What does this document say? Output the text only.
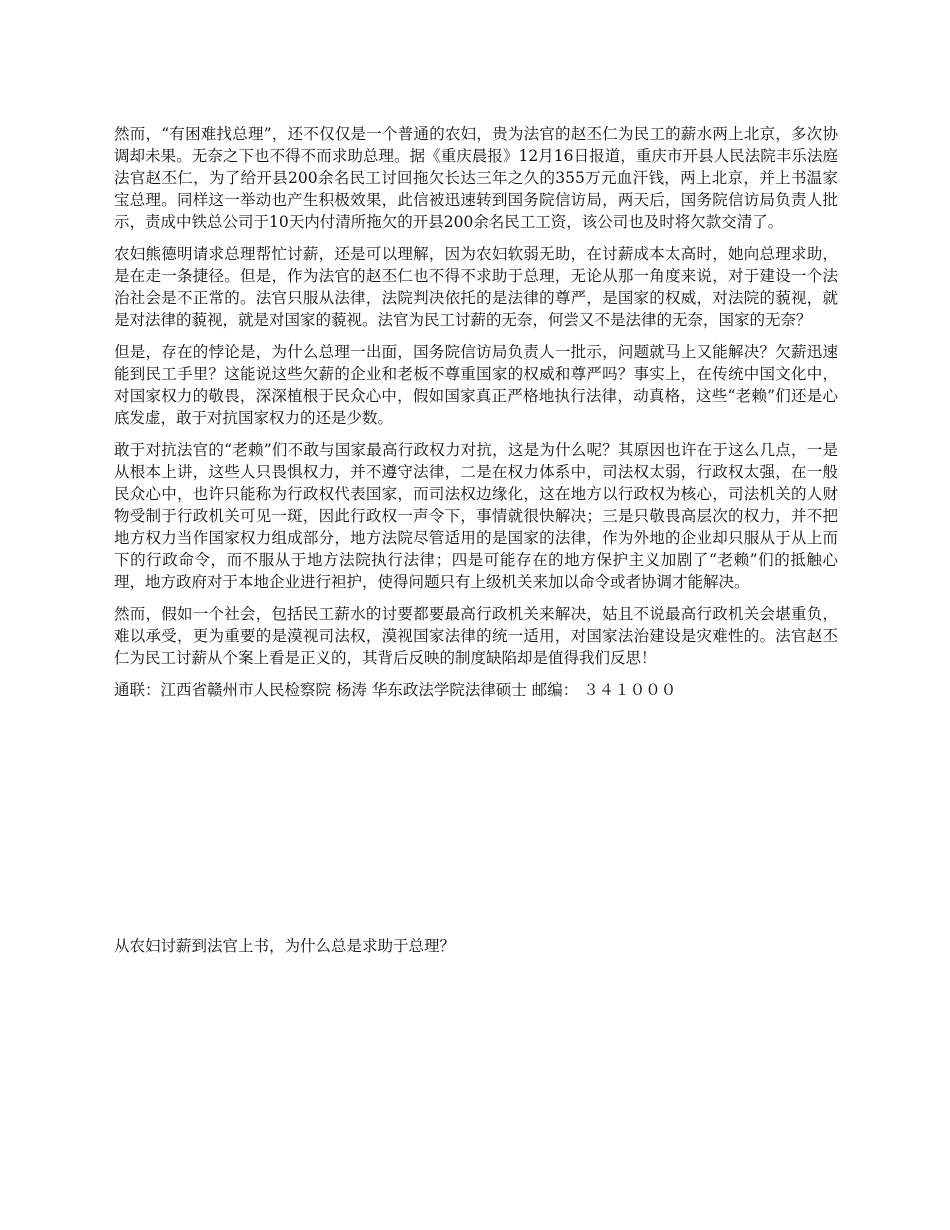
然而，“有困难找总理”，还不仅仅是一个普通的农妇，贵为法官的赵丕仁为民工的薪水两上北京，多次协调却未果。无奈之下也不得不而求助总理。据《重庆晨报》12月16日报道，重庆市开县人民法院丰乐法庭法官赵丕仁，为了给开县200余名民工讨回拖欠长达三年之久的355万元血汗钱，两上北京，并上书温家宝总理。同样这一举动也产生积极效果，此信被迅速转到国务院信访局，两天后，国务院信访局负责人批示，责成中铁总公司于10天内付清所拖欠的开县200余名民工工资，该公司也及时将欠款交清了。

农妇熊德明请求总理帮忙讨薪，还是可以理解，因为农妇软弱无助，在讨薪成本太高时，她向总理求助，是在走一条捷径。但是，作为法官的赵丕仁也不得不求助于总理，无论从那一角度来说，对于建设一个法治社会是不正常的。法官只服从法律，法院判决依托的是法律的尊严，是国家的权威，对法院的藐视，就是对法律的藐视，就是对国家的藐视。法官为民工讨薪的无奈，何尝又不是法律的无奈，国家的无奈？

但是，存在的悖论是，为什么总理一出面，国务院信访局负责人一批示，问题就马上又能解决？欠薪迅速能到民工手里？这能说这些欠薪的企业和老板不尊重国家的权威和尊严吗？事实上，在传统中国文化中，对国家权力的敬畏，深深植根于民众心中，假如国家真正严格地执行法律，动真格，这些“老赖”们还是心底发虚，敢于对抗国家权力的还是少数。

敢于对抗法官的“老赖”们不敢与国家最高行政权力对抗，这是为什么呢？其原因也许在于这么几点，一是从根本上讲，这些人只畏惧权力，并不遵守法律，二是在权力体系中，司法权太弱，行政权太强，在一般民众心中，也许只能称为行政权代表国家，而司法权边缘化，这在地方以行政权为核心，司法机关的人财物受制于行政机关可见一斑，因此行政权一声令下，事情就很快解决；三是只敬畏高层次的权力，并不把地方权力当作国家权力组成部分，地方法院尽管适用的是国家的法律，作为外地的企业却只服从于从上而下的行政命令，而不服从于地方法院执行法律；四是可能存在的地方保护主义加剧了“老赖”们的抵触心理，地方政府对于本地企业进行袒护，使得问题只有上级机关来加以命令或者协调才能解决。

然而，假如一个社会，包括民工薪水的讨要都要最高行政机关来解决，姑且不说最高行政机关会堪重负，难以承受，更为重要的是漠视司法权，漠视国家法律的统一适用，对国家法治建设是灾难性的。法官赵丕仁为民工讨薪从个案上看是正义的，其背后反映的制度缺陷却是值得我们反思！

通联：江西省赣州市人民检察院 杨涛 华东政法学院法律硕士 邮编： ３４１０００

从农妇讨薪到法官上书，为什么总是求助于总理？
